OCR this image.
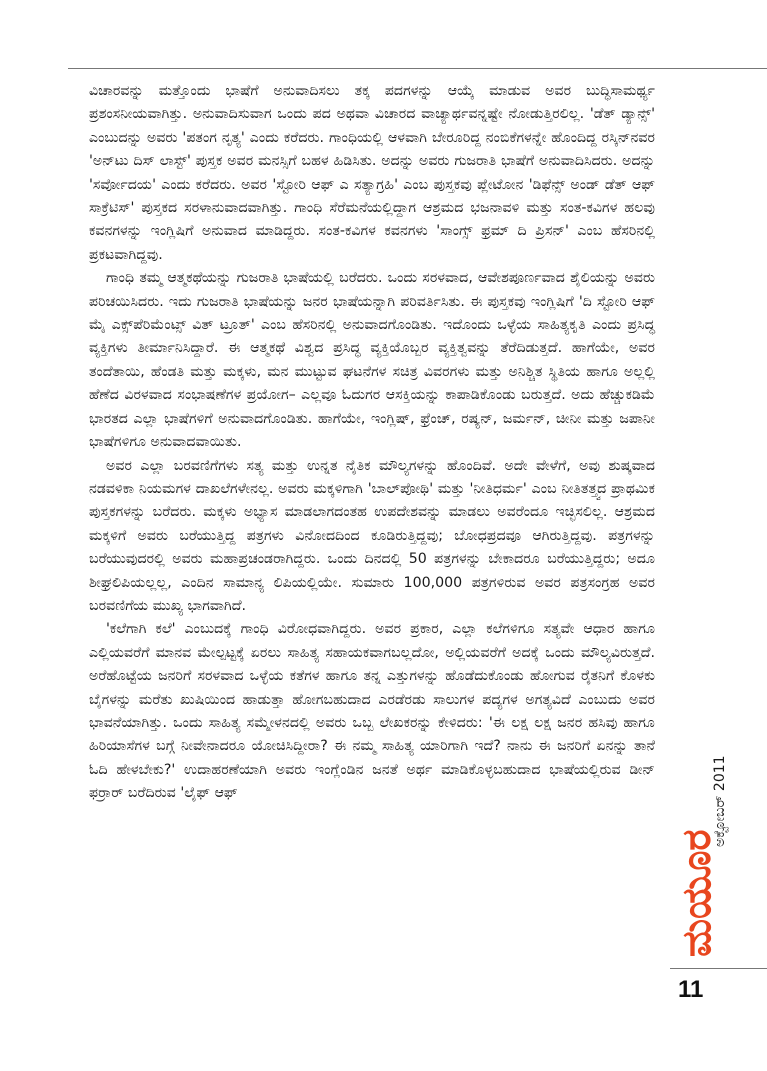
ವಿಚಾರವನ್ನು ಮತ್ತೊಂದು ಭಾಷೆಗೆ ಅನುವಾದಿಸಲು ತಕ್ಕ ಪದಗಳನ್ನು ಆಯ್ಕೆ ಮಾಡುವ ಅವರ ಬುದ್ಧಿಸಾಮರ್ಥ್ಯ ಪ್ರಶಂಸನೀಯವಾಗಿತ್ತು. ಅನುವಾದಿಸುವಾಗ ಒಂದು ಪದ ಅಥವಾ ವಿಚಾರದ ವಾಚ್ಯಾರ್ಥವನ್ನಷ್ಟೇ ನೋಡುತ್ತಿರಲಿಲ್ಲ. 'ಡೆತ್ ಡ್ಯಾನ್ಸ್' ಎಂಬುದನ್ನು ಅವರು 'ಪತಂಗ ನೃತ್ಯ' ಎಂದು ಕರೆದರು. ಗಾಂಧಿಯಲ್ಲಿ ಆಳವಾಗಿ ಬೇರೂರಿದ್ದ ನಂಬಿಕೆಗಳನ್ನೇ ಹೊಂದಿದ್ದ ರಸ್ಕಿನ್‌ನವರ 'ಅನ್‌ಟು ದಿಸ್ ಲಾಸ್ಟ್' ಪುಸ್ತಕ ಅವರ ಮನಸ್ಸಿಗೆ ಬಹಳ ಹಿಡಿಸಿತು. ಅದನ್ನು ಅವರು ಗುಜರಾತಿ ಭಾಷೆಗೆ ಅನುವಾದಿಸಿದರು. ಅದನ್ನು 'ಸರ್ವೋದಯ' ಎಂದು ಕರೆದರು. ಅವರ 'ಸ್ಟೋರಿ ಆಫ್ ಎ ಸತ್ಯಾಗ್ರಹಿ' ಎಂಬ ಪುಸ್ತಕವು ಪ್ಲೇಟೋನ 'ಡಿಫೆನ್ಸ್ ಅಂಡ್ ಡೆತ್ ಆಫ್ ಸಾಕ್ರೆಟಿಸ್' ಪುಸ್ತಕದ ಸರಳಾನುವಾದವಾಗಿತ್ತು. ಗಾಂಧಿ ಸೆರೆಮನೆಯಲ್ಲಿದ್ದಾಗ ಆಶ್ರಮದ ಭಜನಾವಳಿ ಮತ್ತು ಸಂತ-ಕವಿಗಳ ಹಲವು ಕವನಗಳನ್ನು ಇಂಗ್ಲಿಷಿಗೆ ಅನುವಾದ ಮಾಡಿದ್ದರು. ಸಂತ-ಕವಿಗಳ ಕವನಗಳು 'ಸಾಂಗ್ಸ್ ಫ್ರಮ್ ದಿ ಪ್ರಿಸನ್' ಎಂಬ ಹೆಸರಿನಲ್ಲಿ ಪ್ರಕಟವಾಗಿದ್ದವು.

ಗಾಂಧಿ ತಮ್ಮ ಆತ್ಮಕಥೆಯನ್ನು ಗುಜರಾತಿ ಭಾಷೆಯಲ್ಲಿ ಬರೆದರು. ಒಂದು ಸರಳವಾದ, ಆವೇಶಪೂರ್ಣವಾದ ಶೈಲಿಯನ್ನು ಅವರು ಪರಿಚಯಿಸಿದರು. ಇದು ಗುಜರಾತಿ ಭಾಷೆಯನ್ನು ಜನರ ಭಾಷೆಯನ್ನಾಗಿ ಪರಿವರ್ತಿಸಿತು. ಈ ಪುಸ್ತಕವು ಇಂಗ್ಲಿಷಿಗೆ 'ದಿ ಸ್ಟೋರಿ ಆಫ್ ಮೈ ಎಕ್ಸ್‌ಪೆರಿಮೆಂಟ್ಸ್ ವಿತ್ ಟ್ರೂತ್' ಎಂಬ ಹೆಸರಿನಲ್ಲಿ ಅನುವಾದಗೊಂಡಿತು. ಇದೊಂದು ಒಳ್ಳೆಯ ಸಾಹಿತ್ಯಕೃತಿ ಎಂದು ಪ್ರಸಿದ್ಧ ವ್ಯಕ್ತಿಗಳು ತೀರ್ಮಾನಿಸಿದ್ದಾರೆ. ಈ ಆತ್ಮಕಥೆ ವಿಶ್ವದ ಪ್ರಸಿದ್ಧ ವ್ಯಕ್ತಿಯೊಬ್ಬರ ವ್ಯಕ್ತಿತ್ವವನ್ನು ತೆರೆದಿಡುತ್ತದೆ. ಹಾಗೆಯೇ, ಅವರ ತಂದೆತಾಯಿ, ಹೆಂಡತಿ ಮತ್ತು ಮಕ್ಕಳು, ಮನ ಮುಟ್ಟುವ ಘಟನೆಗಳ ಸಚಿತ್ರ ವಿವರಗಳು ಮತ್ತು ಅನಿಶ್ಚಿತ ಸ್ಥಿತಿಯ ಹಾಗೂ ಅಲ್ಲಲ್ಲಿ ಹೆಣೆದ ವಿರಳವಾದ ಸಂಭಾಷಣೆಗಳ ಪ್ರಯೋಗ– ಎಲ್ಲವೂ ಓದುಗರ ಆಸಕ್ತಿಯನ್ನು ಕಾಪಾಡಿಕೊಂಡು ಬರುತ್ತದೆ. ಅದು ಹೆಚ್ಚುಕಡಿಮೆ ಭಾರತದ ಎಲ್ಲಾ ಭಾಷೆಗಳಿಗೆ ಅನುವಾದಗೊಂಡಿತು. ಹಾಗೆಯೇ, ಇಂಗ್ಲಿಷ್, ಫ್ರೆಂಚ್, ರಷ್ಯನ್, ಜರ್ಮನ್, ಚೀನೀ ಮತ್ತು ಜಪಾನೀ ಭಾಷೆಗಳಿಗೂ ಅನುವಾದವಾಯಿತು.

ಅವರ ಎಲ್ಲಾ ಬರವಣಿಗೆಗಳು ಸತ್ಯ ಮತ್ತು ಉನ್ನತ ನೈತಿಕ ಮೌಲ್ಯಗಳನ್ನು ಹೊಂದಿವೆ. ಅದೇ ವೇಳೆಗೆ, ಅವು ಶುಷ್ಕವಾದ ನಡವಳಿಕಾ ನಿಯಮಗಳ ದಾಖಲೆಗಳೇನಲ್ಲ. ಅವರು ಮಕ್ಕಳಿಗಾಗಿ 'ಬಾಲ್‌ಪೋಥಿ' ಮತ್ತು 'ನೀತಿಧರ್ಮ' ಎಂಬ ನೀತಿತತ್ತ್ವದ ಪ್ರಾಥಮಿಕ ಪುಸ್ತಕಗಳನ್ನು ಬರೆದರು. ಮಕ್ಕಳು ಅಭ್ಯಾಸ ಮಾಡಲಾಗದಂತಹ ಉಪದೇಶವನ್ನು ಮಾಡಲು ಅವರೆಂದೂ ಇಚ್ಛಿಸಲಿಲ್ಲ. ಆಶ್ರಮದ ಮಕ್ಕಳಿಗೆ ಅವರು ಬರೆಯುತ್ತಿದ್ದ ಪತ್ರಗಳು ವಿನೋದದಿಂದ ಕೂಡಿರುತ್ತಿದ್ದವು; ಬೋಧಪ್ರದವೂ ಆಗಿರುತ್ತಿದ್ದವು. ಪತ್ರಗಳನ್ನು ಬರೆಯುವುದರಲ್ಲಿ ಅವರು ಮಹಾಪ್ರಚಂಡರಾಗಿದ್ದರು. ಒಂದು ದಿನದಲ್ಲಿ 50 ಪತ್ರಗಳನ್ನು ಬೇಕಾದರೂ ಬರೆಯುತ್ತಿದ್ದರು; ಅದೂ ಶೀಘ್ರಲಿಪಿಯಲ್ಲಲ್ಲ, ಎಂದಿನ ಸಾಮಾನ್ಯ ಲಿಪಿಯಲ್ಲಿಯೇ. ಸುಮಾರು 100,000 ಪತ್ರಗಳಿರುವ ಅವರ ಪತ್ರಸಂಗ್ರಹ ಅವರ ಬರವಣಿಗೆಯ ಮುಖ್ಯ ಭಾಗವಾಗಿದೆ.

'ಕಲೆಗಾಗಿ ಕಲೆ' ಎಂಬುದಕ್ಕೆ ಗಾಂಧಿ ವಿರೋಧವಾಗಿದ್ದರು. ಅವರ ಪ್ರಕಾರ, ಎಲ್ಲಾ ಕಲೆಗಳಿಗೂ ಸತ್ಯವೇ ಆಧಾರ ಹಾಗೂ ಎಲ್ಲಿಯವರೆಗೆ ಮಾನವ ಮೇಲ್ಪಟ್ಟಕ್ಕೆ ಏರಲು ಸಾಹಿತ್ಯ ಸಹಾಯಕವಾಗಬಲ್ಲದೋ, ಅಲ್ಲಿಯವರೆಗೆ ಅದಕ್ಕೆ ಒಂದು ಮೌಲ್ಯವಿರುತ್ತದೆ. ಅರೆಹೊಟ್ಟೆಯ ಜನರಿಗೆ ಸರಳವಾದ ಒಳ್ಳೆಯ ಕತೆಗಳ ಹಾಗೂ ತನ್ನ ಎತ್ತುಗಳನ್ನು ಹೊಡೆದುಕೊಂಡು ಹೋಗುವ ರೈತನಿಗೆ ಕೊಳಕು ಬೈಗಳನ್ನು ಮರೆತು ಖುಷಿಯಿಂದ ಹಾಡುತ್ತಾ ಹೋಗಬಹುದಾದ ಎರಡೆರಡು ಸಾಲುಗಳ ಪದ್ಯಗಳ ಅಗತ್ಯವಿದೆ ಎಂಬುದು ಅವರ ಭಾವನೆಯಾಗಿತ್ತು. ಒಂದು ಸಾಹಿತ್ಯ ಸಮ್ಮೇಳನದಲ್ಲಿ ಅವರು ಒಬ್ಬ ಲೇಖಕರನ್ನು ಕೇಳಿದರು: 'ಈ ಲಕ್ಷ ಲಕ್ಷ ಜನರ ಹಸಿವು ಹಾಗೂ ಹಿರಿಯಾಸೆಗಳ ಬಗ್ಗೆ ನೀವೇನಾದರೂ ಯೋಚಿಸಿದ್ದೀರಾ? ಈ ನಮ್ಮ ಸಾಹಿತ್ಯ ಯಾರಿಗಾಗಿ ಇದೆ? ನಾನು ಈ ಜನರಿಗೆ ಏನನ್ನು ತಾನೆ ಓದಿ ಹೇಳಬೇಕು?' ಉದಾಹರಣೆಯಾಗಿ ಅವರು ಇಂಗ್ಲೆಂಡಿನ ಜನತೆ ಅರ್ಥ ಮಾಡಿಕೊಳ್ಳಬಹುದಾದ ಭಾಷೆಯಲ್ಲಿರುವ ಡೀನ್ ಫರ್ರಾರ್ ಬರೆದಿರುವ 'ಲೈಫ್ ಆಫ್	ಅಕ್ಟೋಬರ್ 2011
ಮಯೂರ
11
